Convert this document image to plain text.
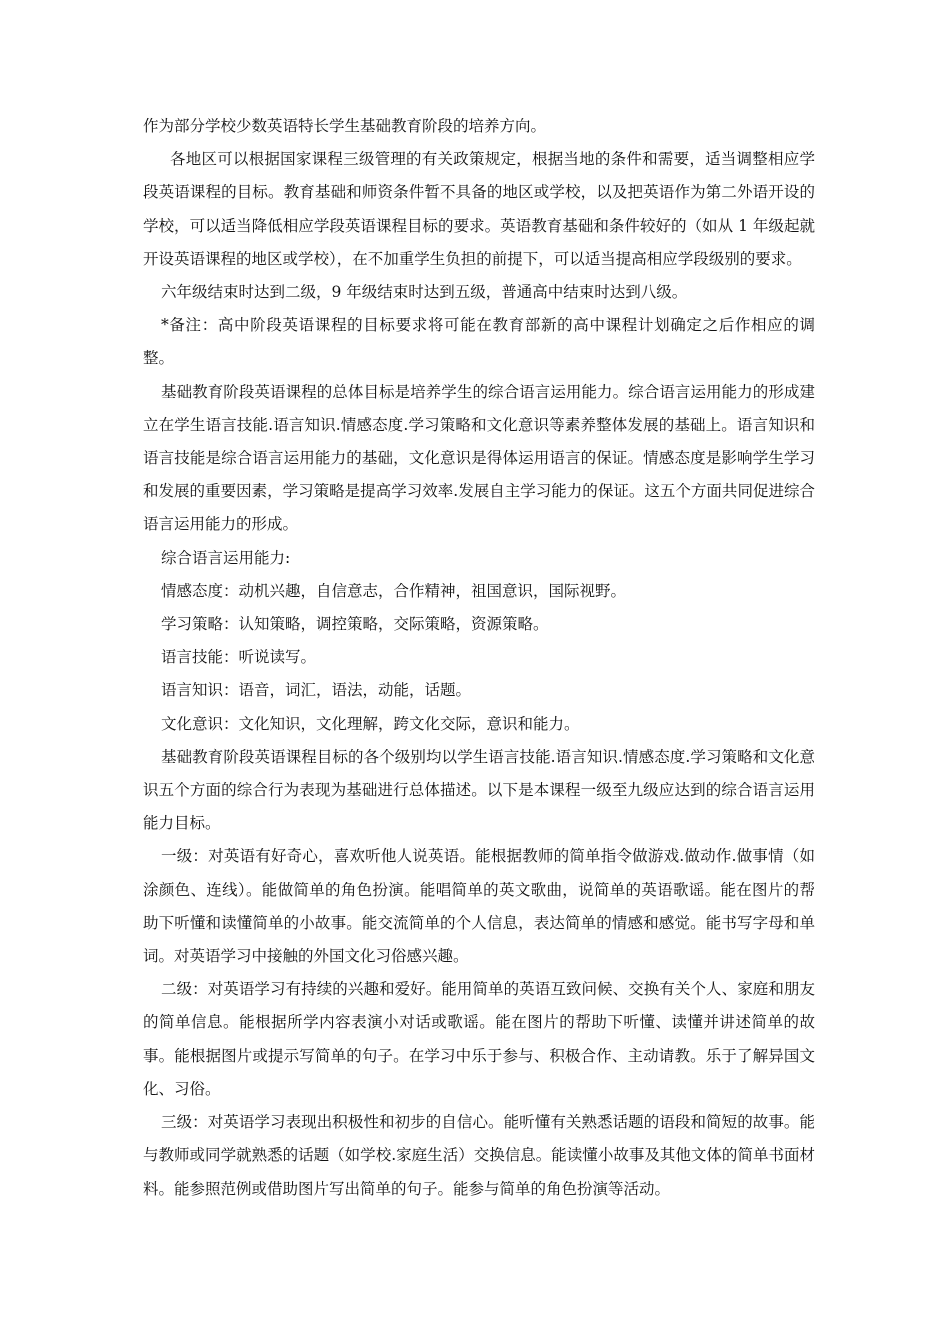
作为部分学校少数英语特长学生基础教育阶段的培养方向。

各地区可以根据国家课程三级管理的有关政策规定，根据当地的条件和需要，适当调整相应学段英语课程的目标。教育基础和师资条件暂不具备的地区或学校，以及把英语作为第二外语开设的学校，可以适当降低相应学段英语课程目标的要求。英语教育基础和条件较好的（如从 1 年级起就开设英语课程的地区或学校），在不加重学生负担的前提下，可以适当提高相应学段级别的要求。

六年级结束时达到二级，9 年级结束时达到五级，普通高中结束时达到八级。

*备注：高中阶段英语课程的目标要求将可能在教育部新的高中课程计划确定之后作相应的调整。

基础教育阶段英语课程的总体目标是培养学生的综合语言运用能力。综合语言运用能力的形成建立在学生语言技能.语言知识.情感态度.学习策略和文化意识等素养整体发展的基础上。语言知识和语言技能是综合语言运用能力的基础，文化意识是得体运用语言的保证。情感态度是影响学生学习和发展的重要因素，学习策略是提高学习效率.发展自主学习能力的保证。这五个方面共同促进综合语言运用能力的形成。

综合语言运用能力:

情感态度：动机兴趣，自信意志，合作精神，祖国意识，国际视野。

学习策略：认知策略，调控策略，交际策略，资源策略。

语言技能：听说读写。

语言知识：语音，词汇，语法，动能，话题。

文化意识：文化知识，文化理解，跨文化交际，意识和能力。

基础教育阶段英语课程目标的各个级别均以学生语言技能.语言知识.情感态度.学习策略和文化意识五个方面的综合行为表现为基础进行总体描述。以下是本课程一级至九级应达到的综合语言运用能力目标。

一级：对英语有好奇心，喜欢听他人说英语。能根据教师的简单指令做游戏.做动作.做事情（如涂颜色、连线）。能做简单的角色扮演。能唱简单的英文歌曲，说简单的英语歌谣。能在图片的帮助下听懂和读懂简单的小故事。能交流简单的个人信息，表达简单的情感和感觉。能书写字母和单词。对英语学习中接触的外国文化习俗感兴趣。

二级：对英语学习有持续的兴趣和爱好。能用简单的英语互致问候、交换有关个人、家庭和朋友的简单信息。能根据所学内容表演小对话或歌谣。能在图片的帮助下听懂、读懂并讲述简单的故事。能根据图片或提示写简单的句子。在学习中乐于参与、积极合作、主动请教。乐于了解异国文化、习俗。

三级：对英语学习表现出积极性和初步的自信心。能听懂有关熟悉话题的语段和简短的故事。能与教师或同学就熟悉的话题（如学校.家庭生活）交换信息。能读懂小故事及其他文体的简单书面材料。能参照范例或借助图片写出简单的句子。能参与简单的角色扮演等活动。
